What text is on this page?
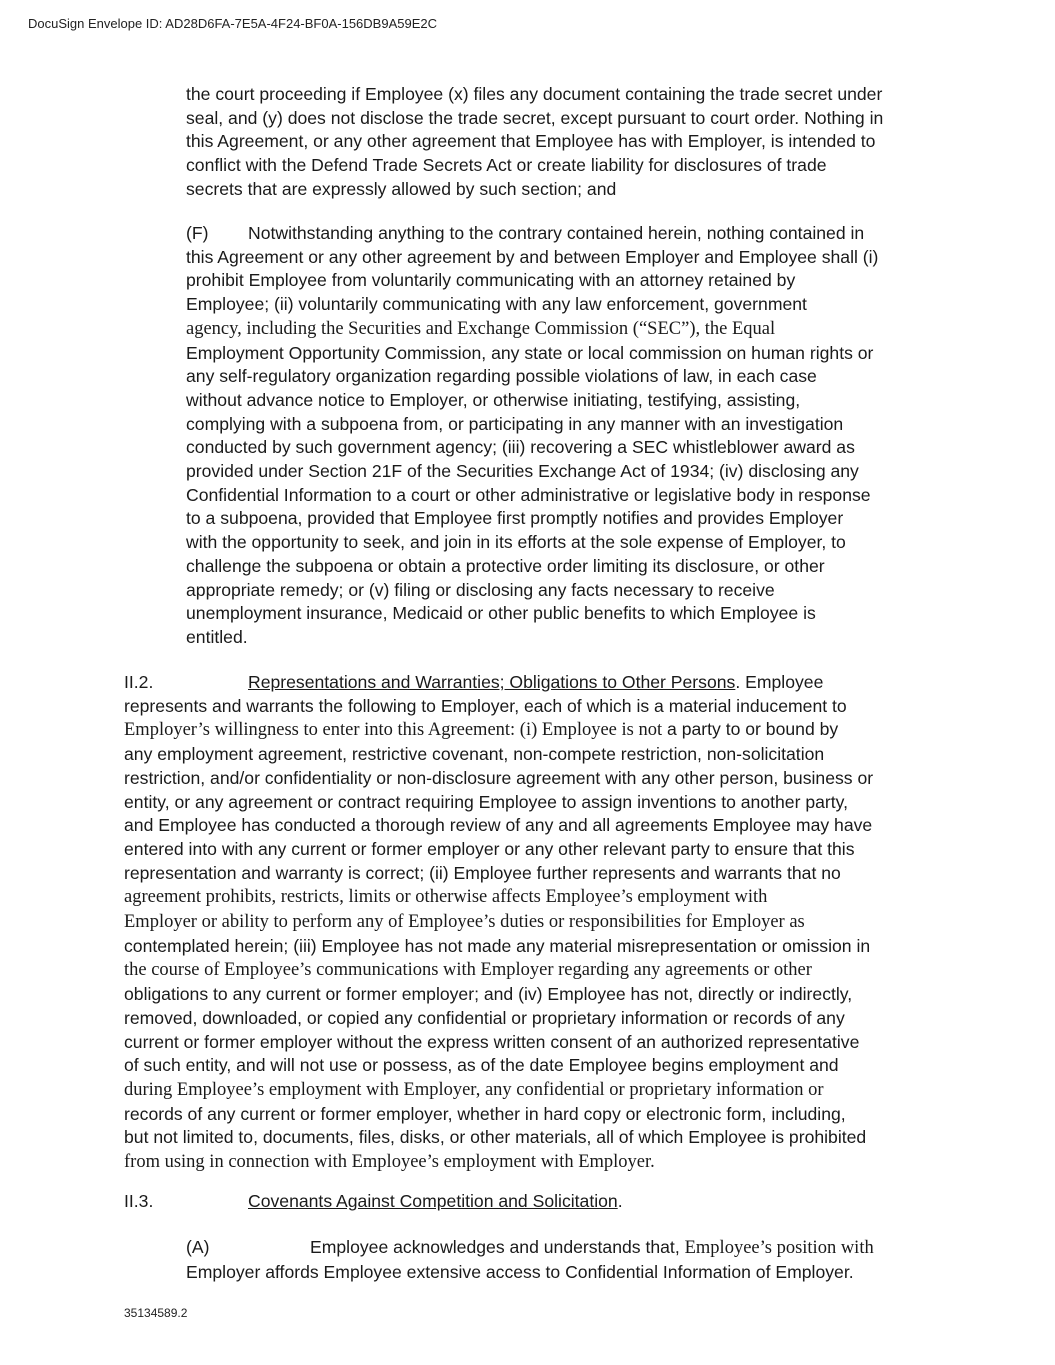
DocuSign Envelope ID: AD28D6FA-7E5A-4F24-BF0A-156DB9A59E2C

the court proceeding if Employee (x) files any document containing the trade secret under
seal, and (y) does not disclose the trade secret, except pursuant to court order. Nothing in
this Agreement, or any other agreement that Employee has with Employer, is intended to
conflict with the Defend Trade Secrets Act or create liability for disclosures of trade
secrets that are expressly allowed by such section; and

(F) Notwithstanding anything to the contrary contained herein, nothing contained in
this Agreement or any other agreement by and between Employer and Employee shall (i)
prohibit Employee from voluntarily communicating with an attorney retained by
Employee; (ii) voluntarily communicating with any law enforcement, government
agency, including the Securities and Exchange Commission (“SEC”), the Equal
Employment Opportunity Commission, any state or local commission on human rights or
any self-regulatory organization regarding possible violations of law, in each case
without advance notice to Employer, or otherwise initiating, testifying, assisting,
complying with a subpoena from, or participating in any manner with an investigation
conducted by such government agency; (iii) recovering a SEC whistleblower award as
provided under Section 21F of the Securities Exchange Act of 1934; (iv) disclosing any
Confidential Information to a court or other administrative or legislative body in response
to a subpoena, provided that Employee first promptly notifies and provides Employer
with the opportunity to seek, and join in its efforts at the sole expense of Employer, to
challenge the subpoena or obtain a protective order limiting its disclosure, or other
appropriate remedy; or (v) filing or disclosing any facts necessary to receive
unemployment insurance, Medicaid or other public benefits to which Employee is
entitled.

II.2.	Representations and Warranties; Obligations to Other Persons. Employee
represents and warrants the following to Employer, each of which is a material inducement to
Employer’s willingness to enter into this Agreement: (i) Employee is not a party to or bound by
any employment agreement, restrictive covenant, non-compete restriction, non-solicitation
restriction, and/or confidentiality or non-disclosure agreement with any other person, business or
entity, or any agreement or contract requiring Employee to assign inventions to another party,
and Employee has conducted a thorough review of any and all agreements Employee may have
entered into with any current or former employer or any other relevant party to ensure that this
representation and warranty is correct; (ii) Employee further represents and warrants that no
agreement prohibits, restricts, limits or otherwise affects Employee’s employment with
Employer or ability to perform any of Employee’s duties or responsibilities for Employer as
contemplated herein; (iii) Employee has not made any material misrepresentation or omission in
the course of Employee’s communications with Employer regarding any agreements or other
obligations to any current or former employer; and (iv) Employee has not, directly or indirectly,
removed, downloaded, or copied any confidential or proprietary information or records of any
current or former employer without the express written consent of an authorized representative
of such entity, and will not use or possess, as of the date Employee begins employment and
during Employee’s employment with Employer, any confidential or proprietary information or
records of any current or former employer, whether in hard copy or electronic form, including,
but not limited to, documents, files, disks, or other materials, all of which Employee is prohibited
from using in connection with Employee’s employment with Employer.

II.3.	Covenants Against Competition and Solicitation.

(A)	Employee acknowledges and understands that, Employee’s position with
Employer affords Employee extensive access to Confidential Information of Employer.

35134589.2
